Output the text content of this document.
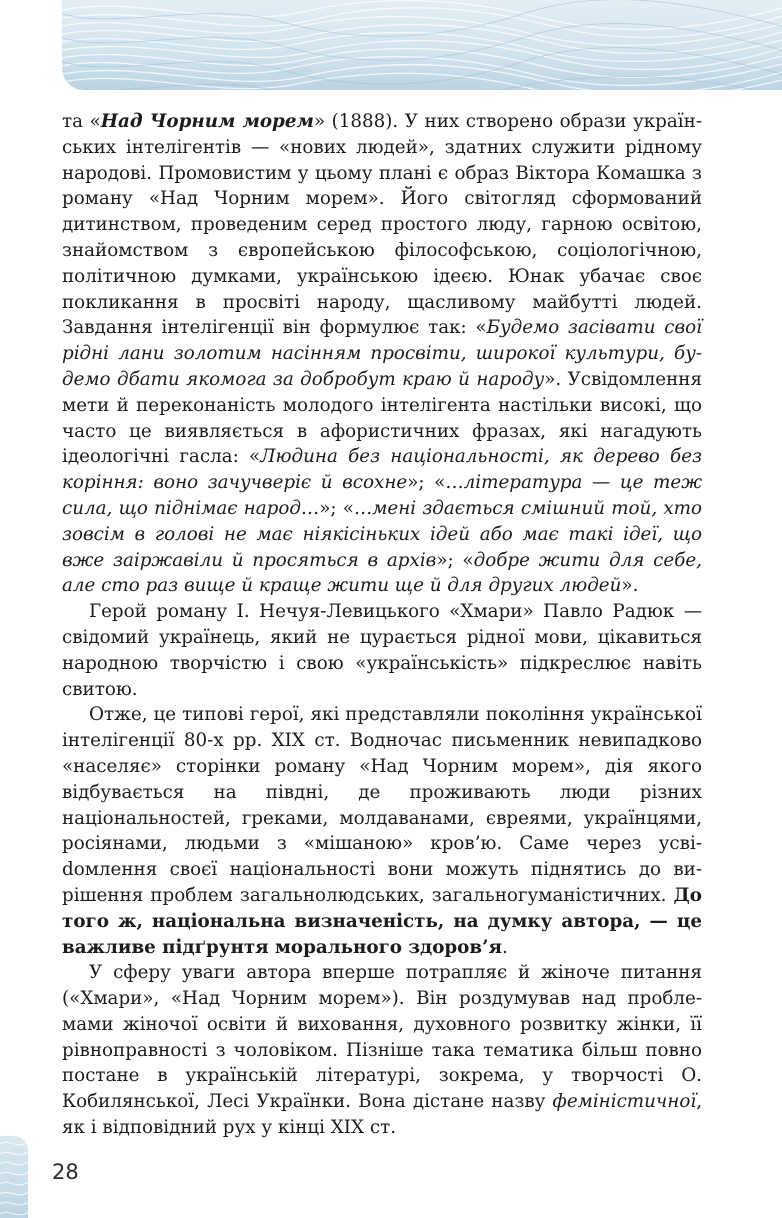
та «Над Чорним морем» (1888). У них створено образи українських інтелігентів — «нових людей», здатних служити рідному народові. Промовистим у цьому плані є образ Віктора Комашка з роману «Над Чорним морем». Його світогляд сформований дитинством, проведеним серед простого люду, гарною освітою, знайомством з європейською філософською, соціологічною, політичною думками, українською ідеєю. Юнак убачає своє покликання в просвіті народу, щасливому майбутті людей. Завдання інтелігенції він формулює так: «Будемо засівати свої рідні лани золотим насінням просвіти, широкої культури, будемо дбати якомога за добробут краю й народу». Усвідомлення мети й переконаність молодого інтелігента настільки високі, що часто це виявляється в афористичних фразах, які нагадують ідеологічні гасла: «Людина без національності, як дерево без коріння: воно зачучверіє й всохне»; «…література — це теж сила, що піднімає народ…»; «…мені здається смішний той, хто зовсім в голові не має ніякісіньких ідей або має такі ідеї, що вже заіржавіли й просяться в архів»; «добре жити для себе, але сто раз вище й краще жити ще й для других людей».

Герой роману І. Нечуя-Левицького «Хмари» Павло Радюк — свідомий українець, який не цурається рідної мови, цікавиться народною творчістю і свою «українськість» підкреслює навіть свитою.

Отже, це типові герої, які представляли покоління української інтелігенції 80-х рр. XIX ст. Водночас письменник невипадково «населяє» сторінки роману «Над Чорним морем», дія якого відбувається на півдні, де проживають люди різних національностей, греками, молдаванами, євреями, українцями, росіянами, людьми з «мішаною» кров’ю. Саме через усвіdомлення своєї національності вони можуть піднятись до вирішення проблем загальнолюдських, загальногуманістичних. До того ж, національна визначеність, на думку автора, — це важливе підґрунтя морального здоров’я.

У сферу уваги автора вперше потрапляє й жіноче питання («Хмари», «Над Чорним морем»). Він роздумував над проблемами жіночої освіти й виховання, духовного розвитку жінки, її рівноправності з чоловіком. Пізніше така тематика більш повно постане в українській літературі, зокрема, у творчості О. Кобилянської, Лесі Українки. Вона дістане назву феміністичної, як і відповідний рух у кінці XIX ст.

28
